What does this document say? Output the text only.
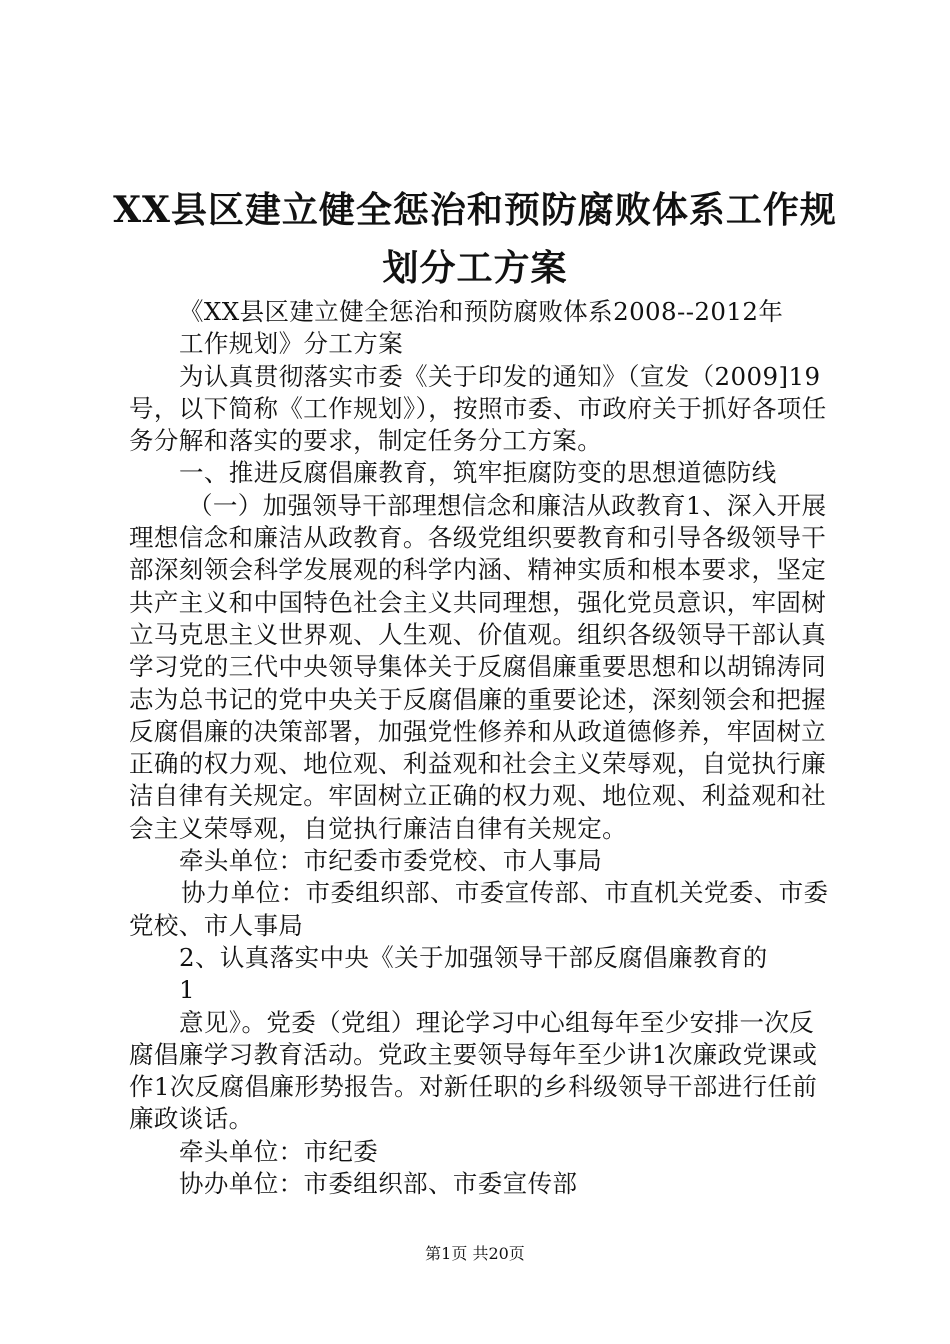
XX县区建立健全惩治和预防腐败体系工作规
划分工方案

《XX县区建立健全惩治和预防腐败体系2008--2012年

工作规划》分工方案

为认真贯彻落实市委《关于印发的通知》（宣发（2009]19号，以下简称《工作规划》），按照市委、市政府关于抓好各项任务分解和落实的要求，制定任务分工方案。

一、推进反腐倡廉教育，筑牢拒腐防变的思想道德防线

（一）加强领导干部理想信念和廉洁从政教育1、深入开展理想信念和廉洁从政教育。各级党组织要教育和引导各级领导干部深刻领会科学发展观的科学内涵、精神实质和根本要求，坚定共产主义和中国特色社会主义共同理想，强化党员意识，牢固树立马克思主义世界观、人生观、价值观。组织各级领导干部认真学习党的三代中央领导集体关于反腐倡廉重要思想和以胡锦涛同志为总书记的党中央关于反腐倡廉的重要论述，深刻领会和把握反腐倡廉的决策部署，加强党性修养和从政道德修养，牢固树立正确的权力观、地位观、利益观和社会主义荣辱观，自觉执行廉洁自律有关规定。牢固树立正确的权力观、地位观、利益观和社会主义荣辱观，自觉执行廉洁自律有关规定。

牵头单位：市纪委市委党校、市人事局

协力单位：市委组织部、市委宣传部、市直机关党委、市委党校、市人事局

2、认真落实中央《关于加强领导干部反腐倡廉教育的

1

意见》。党委（党组）理论学习中心组每年至少安排一次反腐倡廉学习教育活动。党政主要领导每年至少讲1次廉政党课或作1次反腐倡廉形势报告。对新任职的乡科级领导干部进行任前廉政谈话。

牵头单位：市纪委

协办单位：市委组织部、市委宣传部

第1页 共20页
